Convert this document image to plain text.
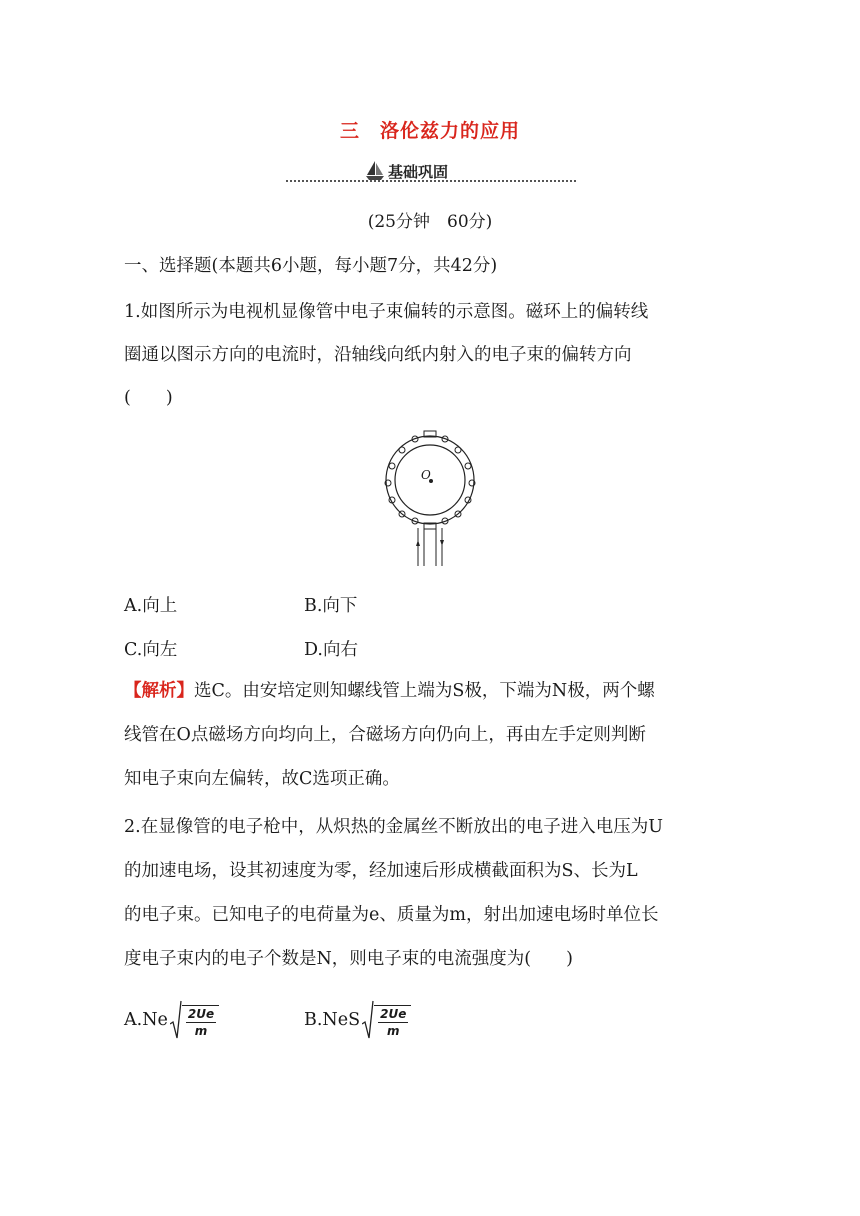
三　洛伦兹力的应用
基础巩固
(25分钟　60分)
一、选择题(本题共6小题，每小题7分，共42分)
1.如图所示为电视机显像管中电子束偏转的示意图。磁环上的偏转线
圈通以图示方向的电流时，沿轴线向纸内射入的电子束的偏转方向
(　　)
O
A.向上	B.向下
C.向左	D.向右
【解析】选C。由安培定则知螺线管上端为S极，下端为N极，两个螺
线管在O点磁场方向均向上，合磁场方向仍向上，再由左手定则判断
知电子束向左偏转，故C选项正确。
2.在显像管的电子枪中，从炽热的金属丝不断放出的电子进入电压为U
的加速电场，设其初速度为零，经加速后形成横截面积为S、长为L
的电子束。已知电子的电荷量为e、质量为m，射出加速电场时单位长
度电子束内的电子个数是N，则电子束的电流强度为(　　)
$A.Ne \frac{2Ue}{m}$	$B.NeS \frac{2Ue}{m}$
